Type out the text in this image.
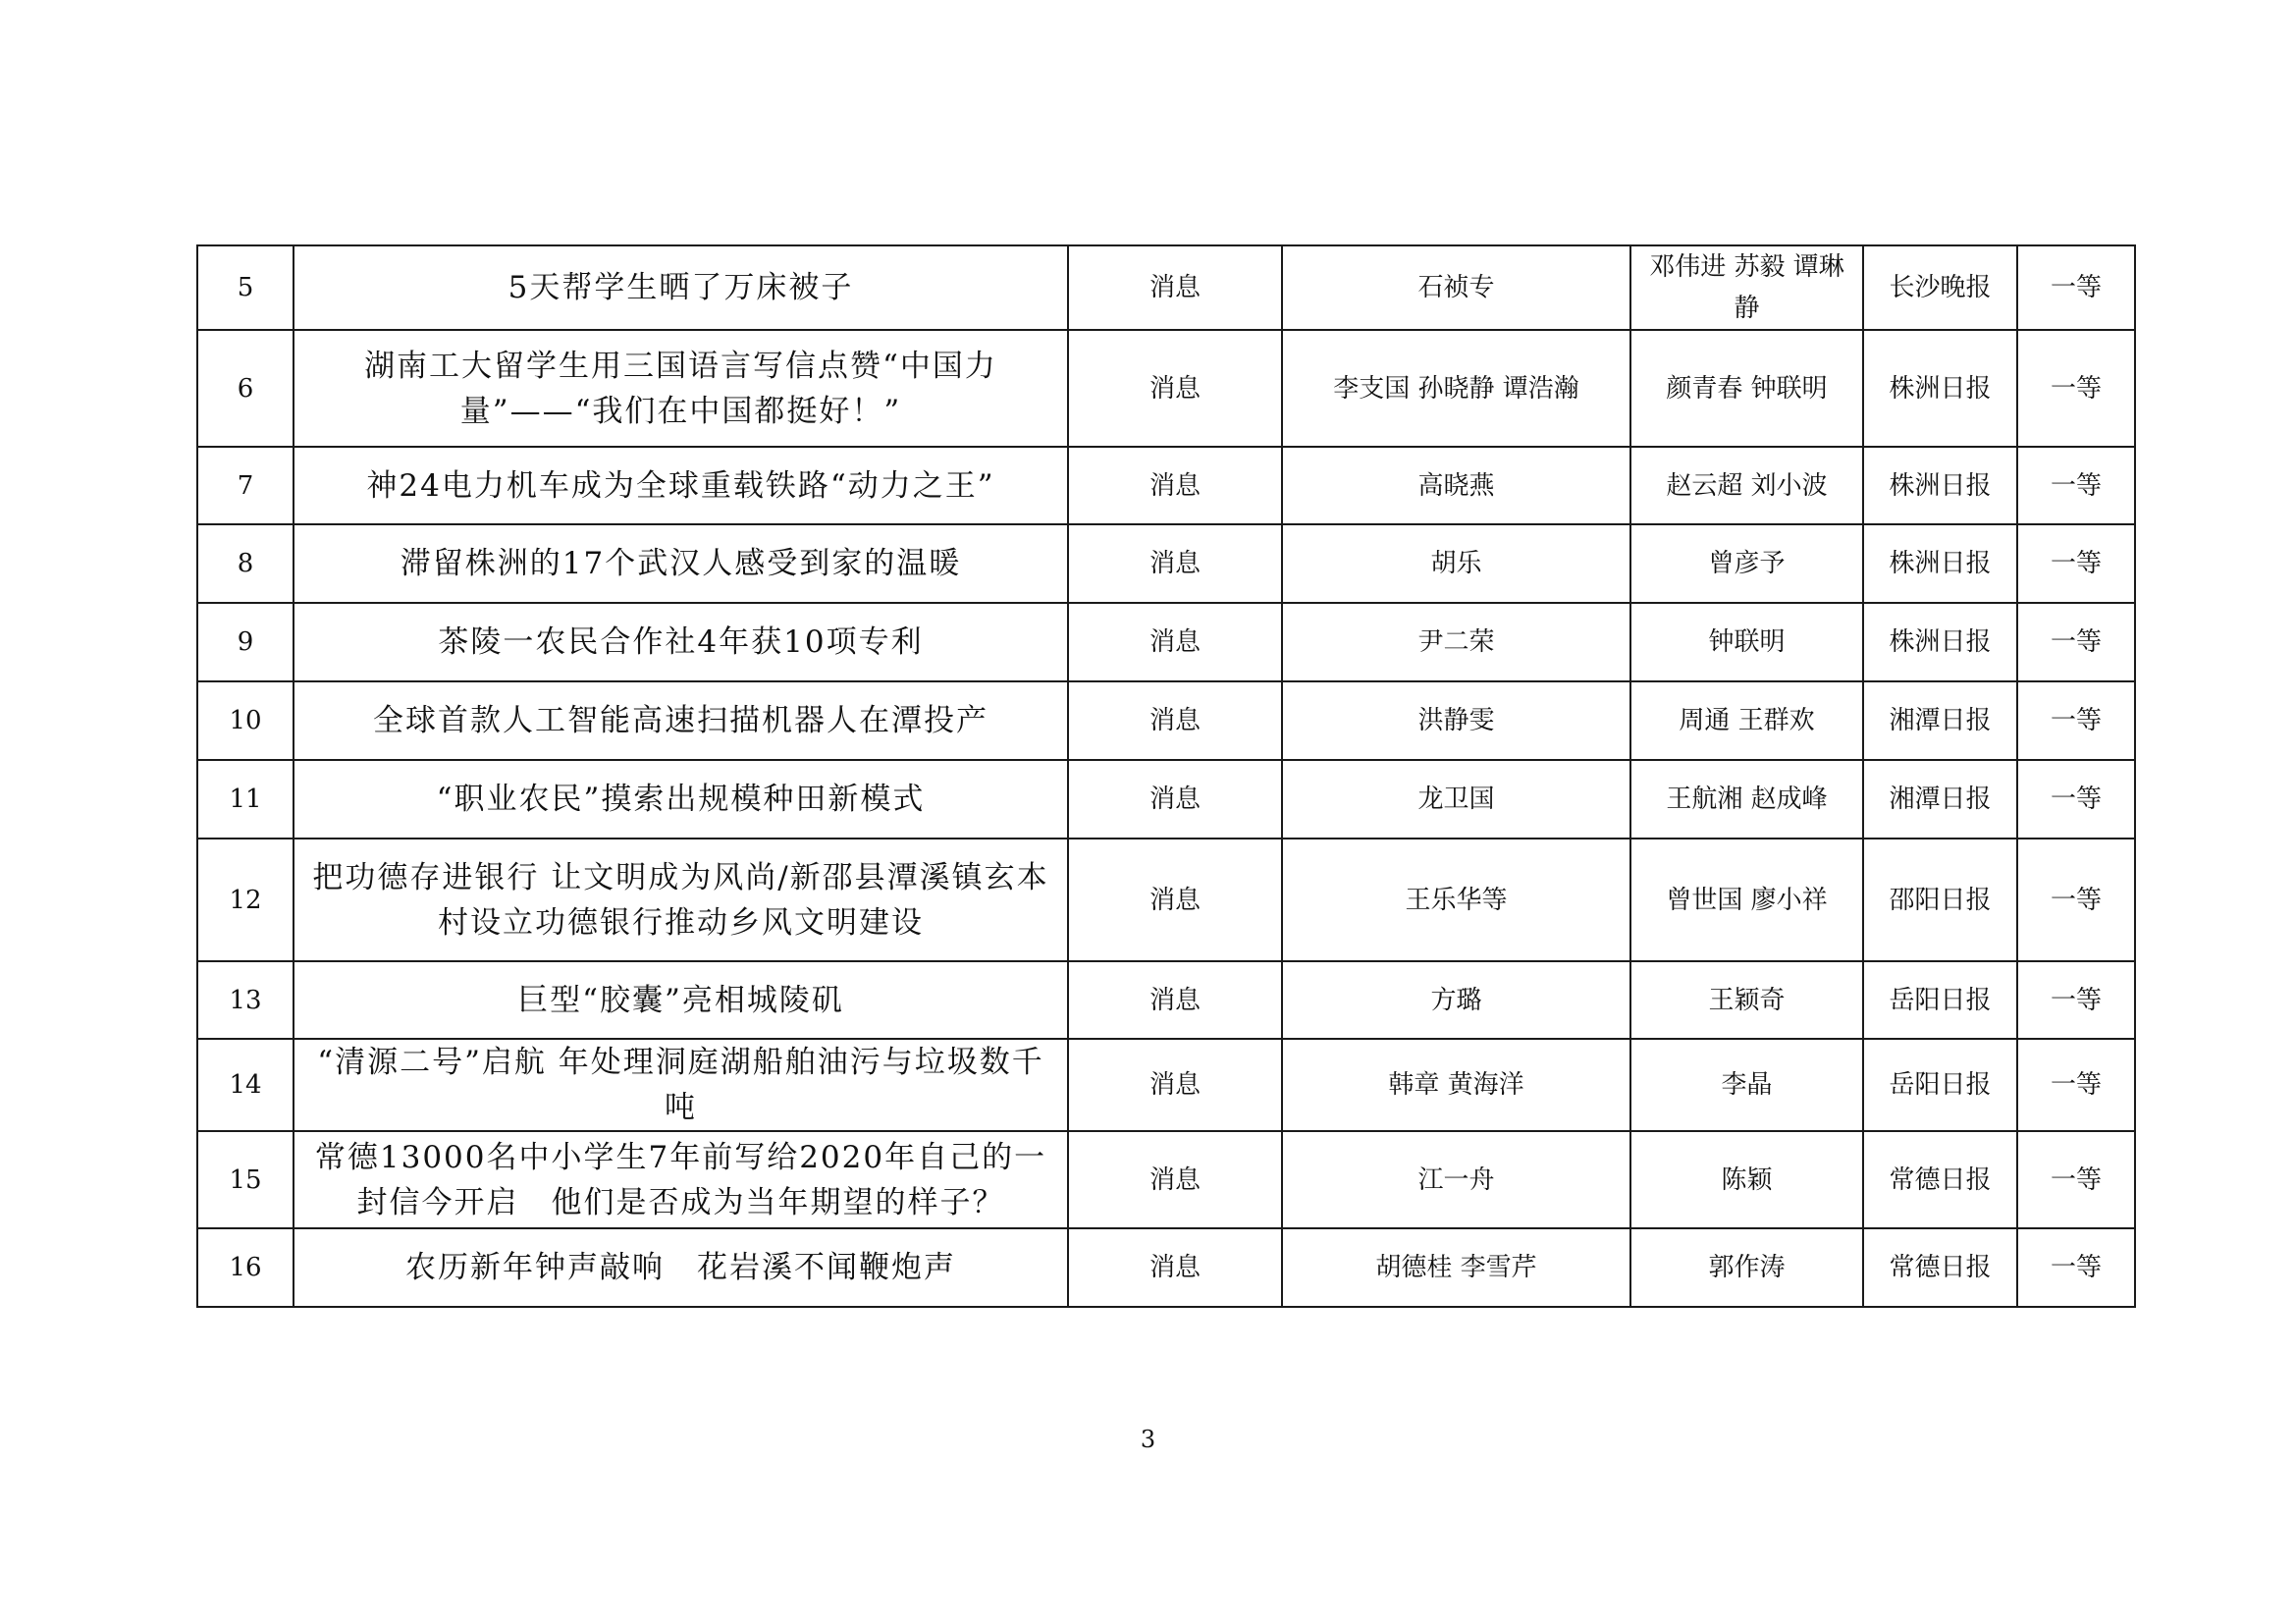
5	5天帮学生晒了万床被子	消息	石祯专	邓伟进 苏毅 谭琳静	长沙晚报	一等
6	湖南工大留学生用三国语言写信点赞“中国力量”——“我们在中国都挺好！”	消息	李支国 孙晓静 谭浩瀚	颜青春 钟联明	株洲日报	一等
7	神24电力机车成为全球重载铁路“动力之王”	消息	高晓燕	赵云超 刘小波	株洲日报	一等
8	滞留株洲的17个武汉人感受到家的温暖	消息	胡乐	曾彦予	株洲日报	一等
9	茶陵一农民合作社4年获10项专利	消息	尹二荣	钟联明	株洲日报	一等
10	全球首款人工智能高速扫描机器人在潭投产	消息	洪静雯	周通 王群欢	湘潭日报	一等
11	“职业农民”摸索出规模种田新模式	消息	龙卫国	王航湘 赵成峰	湘潭日报	一等
12	把功德存进银行 让文明成为风尚/新邵县潭溪镇玄本村设立功德银行推动乡风文明建设	消息	王乐华等	曾世国 廖小祥	邵阳日报	一等
13	巨型“胶囊”亮相城陵矶	消息	方璐	王颖奇	岳阳日报	一等
14	“清源二号”启航 年处理洞庭湖船舶油污与垃圾数千吨	消息	韩章 黄海洋	李晶	岳阳日报	一等
15	常德13000名中小学生7年前写给2020年自己的一封信今开启　他们是否成为当年期望的样子？	消息	江一舟	陈颖	常德日报	一等
16	农历新年钟声敲响　花岩溪不闻鞭炮声	消息	胡德桂 李雪芹	郭作涛	常德日报	一等
3
